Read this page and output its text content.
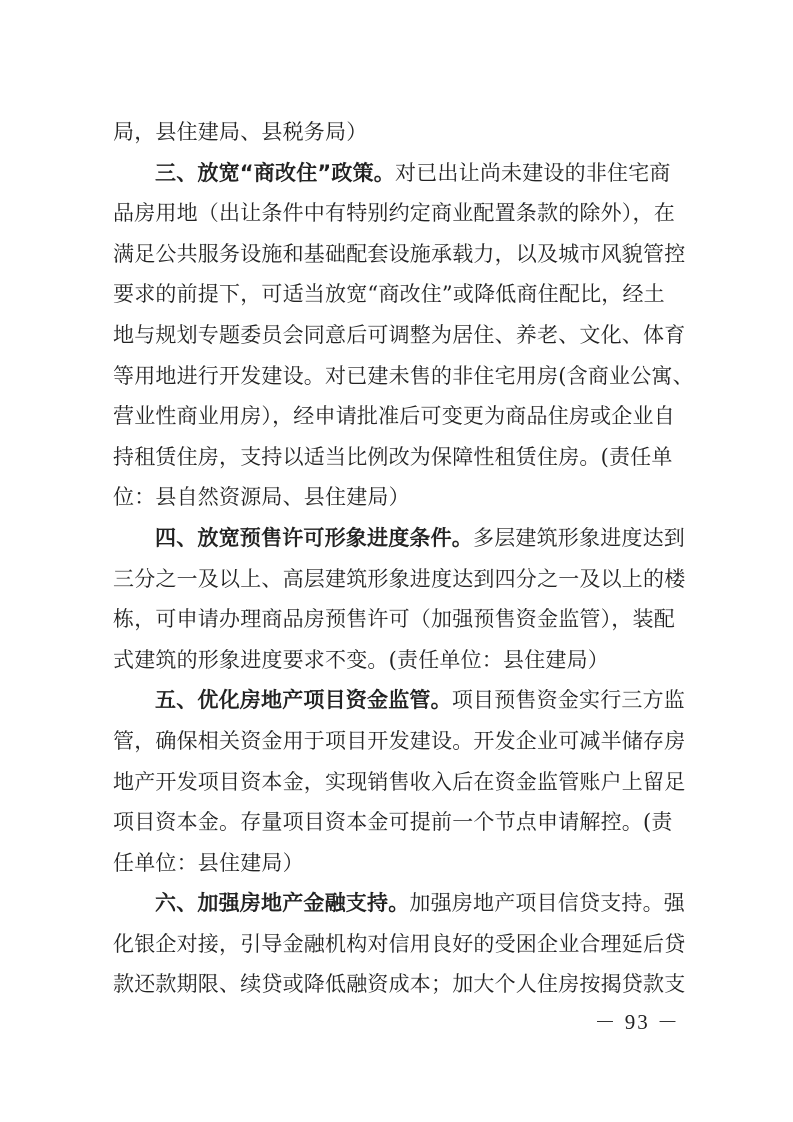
局，县住建局、县税务局）
三、放宽“商改住”政策。对已出让尚未建设的非住宅商
品房用地（出让条件中有特别约定商业配置条款的除外），在
满足公共服务设施和基础配套设施承载力，以及城市风貌管控
要求的前提下，可适当放宽“商改住”或降低商住配比，经土
地与规划专题委员会同意后可调整为居住、养老、文化、体育
等用地进行开发建设。对已建未售的非住宅用房(含商业公寓、
营业性商业用房），经申请批准后可变更为商品住房或企业自
持租赁住房，支持以适当比例改为保障性租赁住房。(责任单
位：县自然资源局、县住建局）
四、放宽预售许可形象进度条件。多层建筑形象进度达到
三分之一及以上、高层建筑形象进度达到四分之一及以上的楼
栋，可申请办理商品房预售许可（加强预售资金监管），装配
式建筑的形象进度要求不变。(责任单位：县住建局）
五、优化房地产项目资金监管。项目预售资金实行三方监
管，确保相关资金用于项目开发建设。开发企业可减半储存房
地产开发项目资本金，实现销售收入后在资金监管账户上留足
项目资本金。存量项目资本金可提前一个节点申请解控。(责
任单位：县住建局）
六、加强房地产金融支持。加强房地产项目信贷支持。强
化银企对接，引导金融机构对信用良好的受困企业合理延后贷
款还款期限、续贷或降低融资成本；加大个人住房按揭贷款支
－ 93 －
